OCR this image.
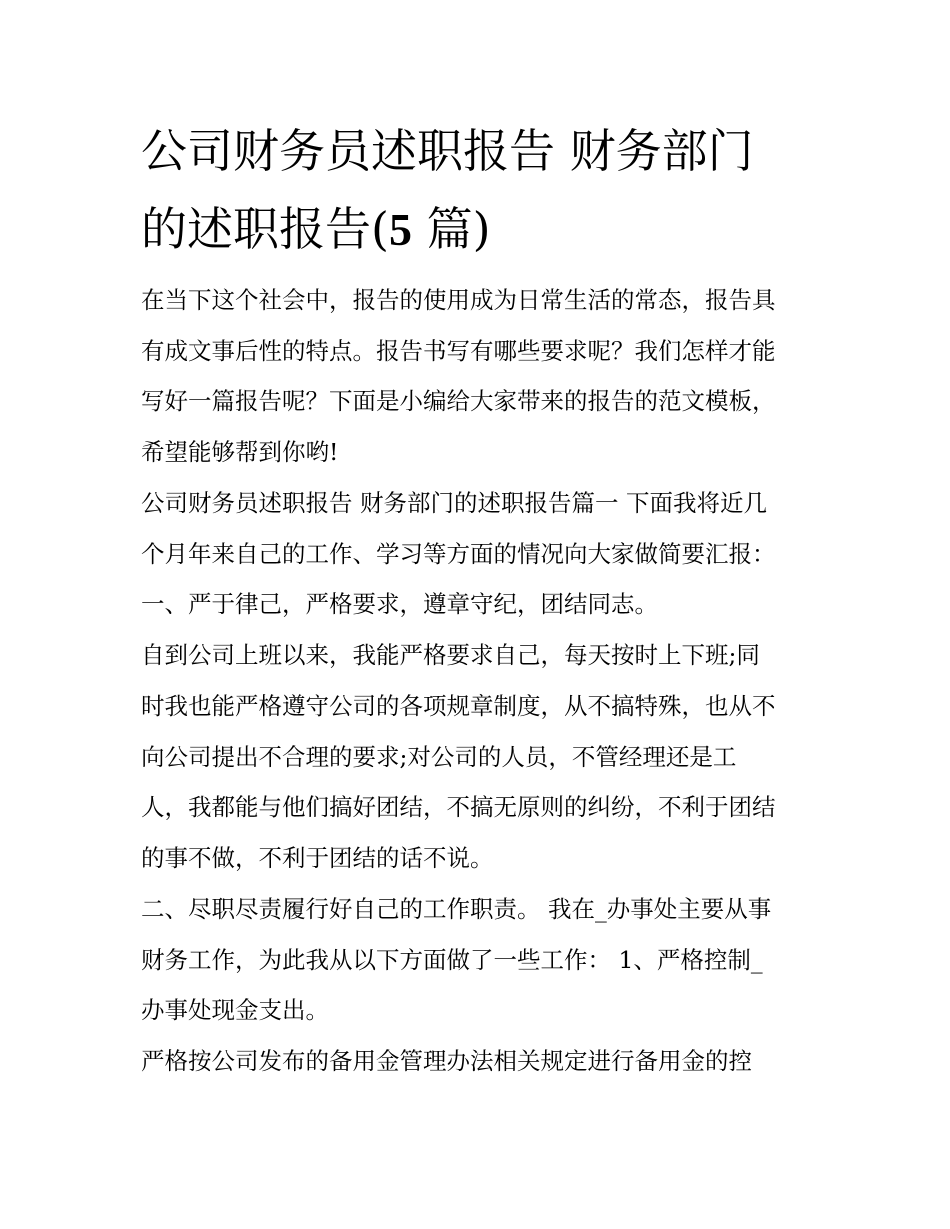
公司财务员述职报告 财务部门
的述职报告(5 篇)

在当下这个社会中，报告的使用成为日常生活的常态，报告具

有成文事后性的特点。报告书写有哪些要求呢？我们怎样才能

写好一篇报告呢？下面是小编给大家带来的报告的范文模板，

希望能够帮到你哟!

公司财务员述职报告 财务部门的述职报告篇一 下面我将近几

个月年来自己的工作、学习等方面的情况向大家做简要汇报：

一、严于律己，严格要求，遵章守纪，团结同志。

自到公司上班以来，我能严格要求自己，每天按时上下班;同

时我也能严格遵守公司的各项规章制度，从不搞特殊，也从不

向公司提出不合理的要求;对公司的人员，不管经理还是工

人，我都能与他们搞好团结，不搞无原则的纠纷，不利于团结

的事不做，不利于团结的话不说。

二、尽职尽责履行好自己的工作职责。 我在_办事处主要从事

财务工作，为此我从以下方面做了一些工作： 1、严格控制_

办事处现金支出。

严格按公司发布的备用金管理办法相关规定进行备用金的控
